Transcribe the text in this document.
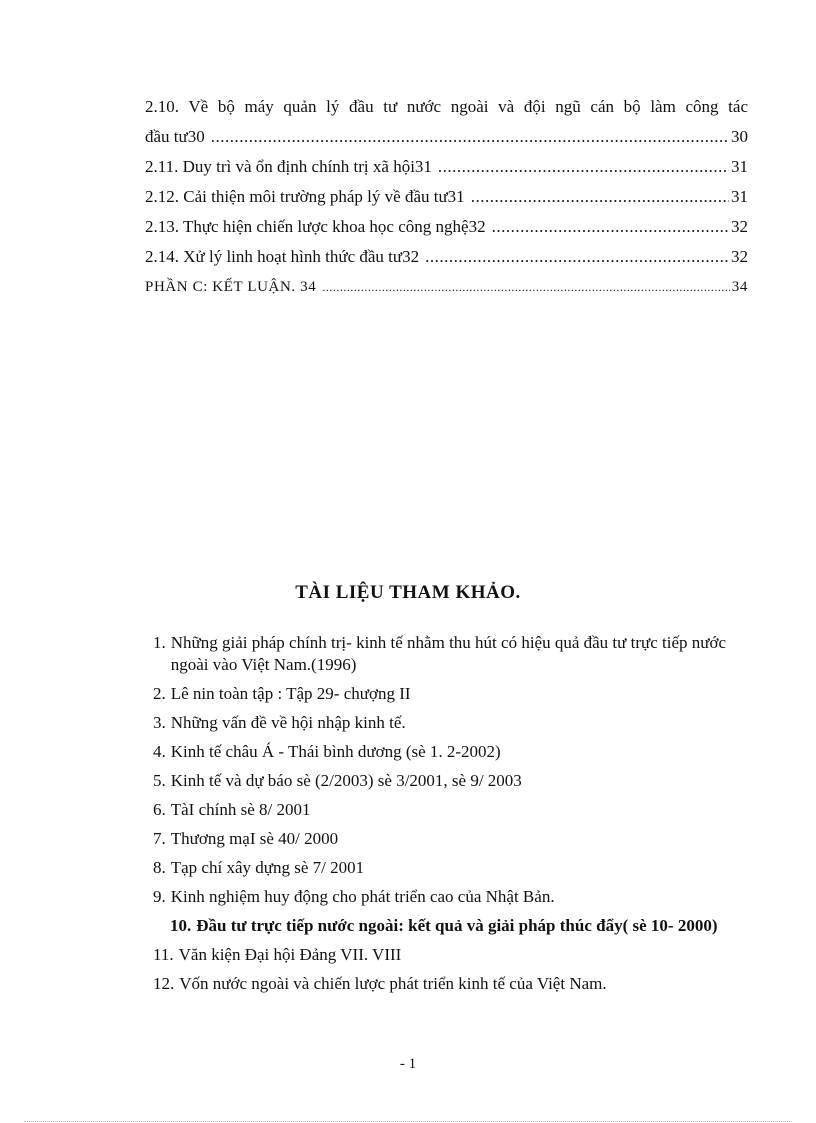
2.10. Về bộ máy quản lý đầu tư nước ngoài và đội ngũ cán bộ làm công tác
đầu tư30 .....	30
2.11. Duy trì và ổn định chính trị xã hội31 .....	31
2.12. Cải thiện môi trường pháp lý về đầu tư31 .....	31
2.13. Thực hiện chiến lược khoa học công nghệ32 .....	32
2.14. Xử lý linh hoạt hình thức đầu tư32 .....	32
PHẦN C: KẾT LUẬN. 34 .....	34
TÀI LIỆU THAM KHẢO.
1. Những giải pháp chính trị- kinh tế nhằm thu hút có hiệu quả đầu tư trực tiếp nước ngoài vào Việt Nam.(1996)
2. Lê nin toàn tập : Tập 29- chượng II
3. Những vấn đề về hội nhập kinh tế.
4. Kinh tế châu Á - Thái bình dương (sè 1. 2-2002)
5. Kinh tế và dự báo sè (2/2003) sè 3/2001, sè 9/ 2003
6. TàI chính sè 8/ 2001
7. Thương mạI sè 40/ 2000
8. Tạp chí xây dựng sè 7/ 2001
9. Kinh nghiệm huy động cho phát triển cao của Nhật Bản.
10. Đầu tư trực tiếp nước ngoài: kết quả và giải pháp thúc đẩy( sè 10- 2000)
11. Văn kiện Đại hội Đảng VII. VIII
12. Vốn nước ngoài và chiến lược phát triển kinh tế của Việt Nam.
- 1
